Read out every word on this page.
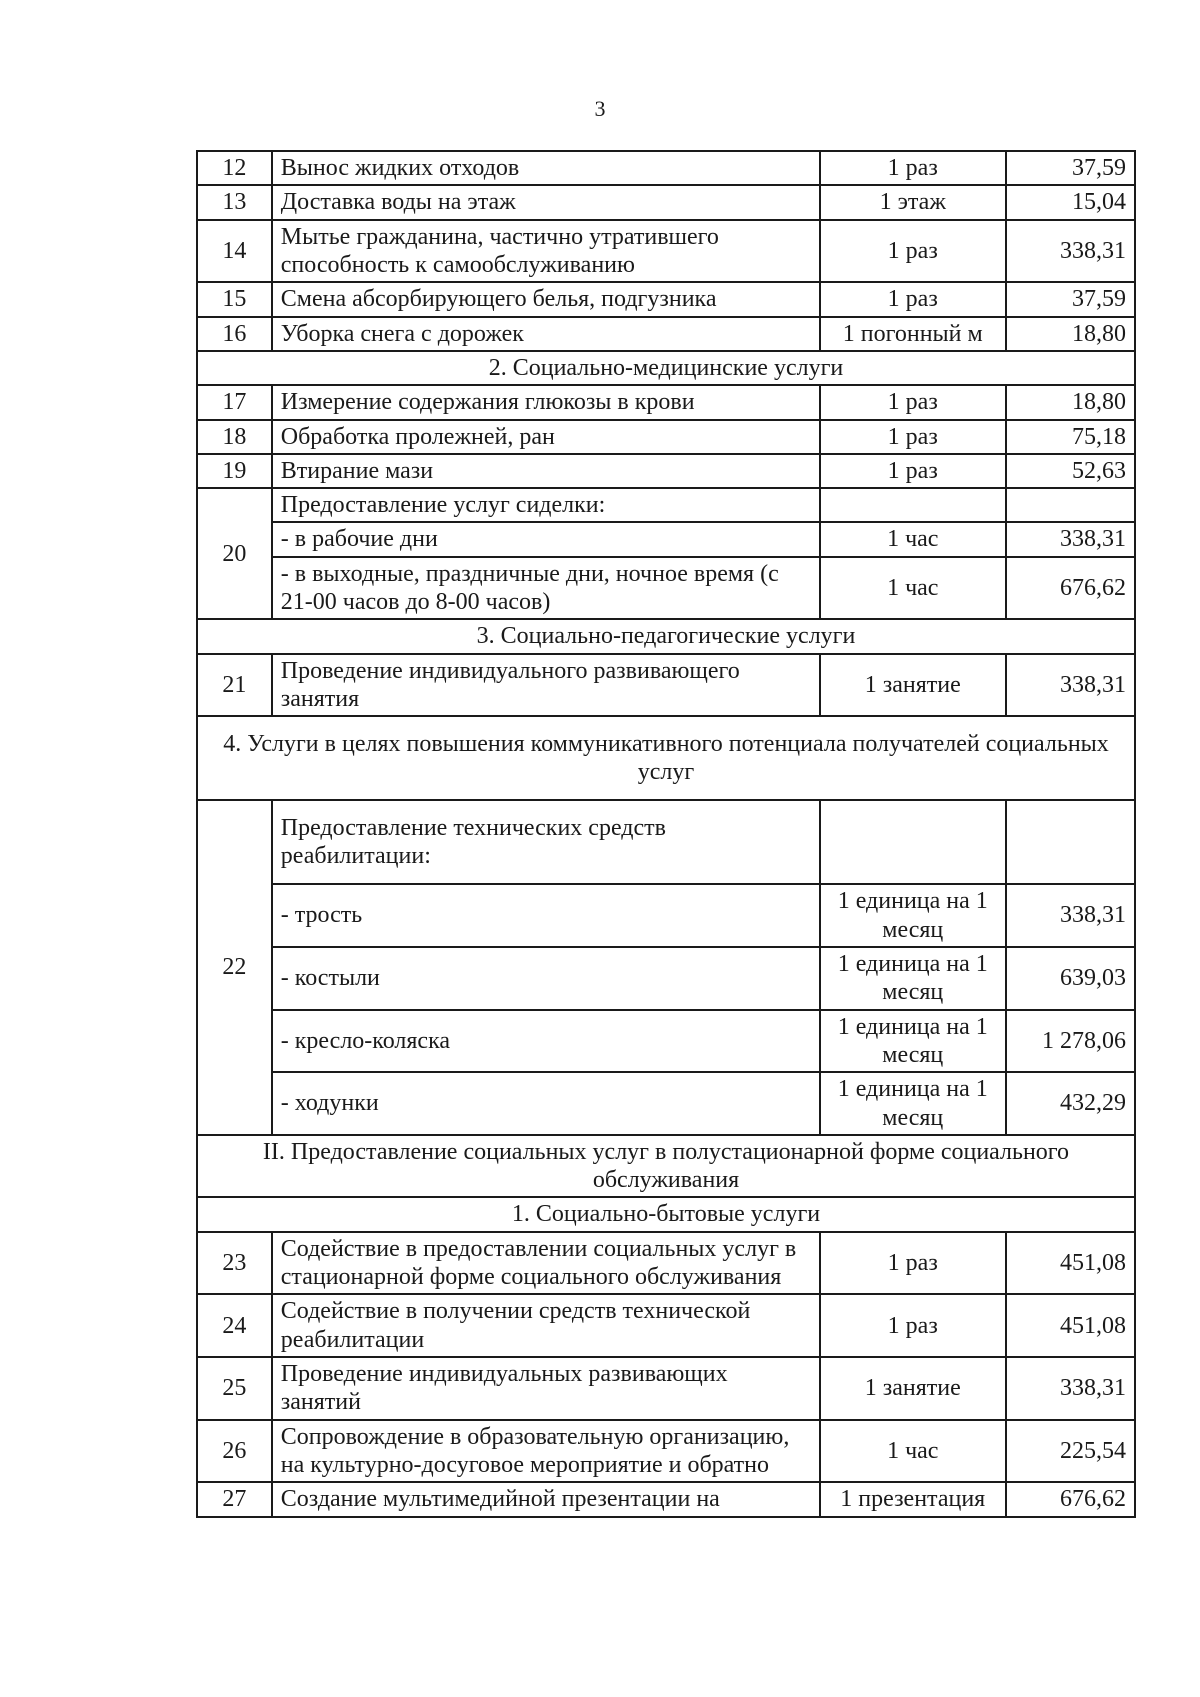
3
12	Вынос жидких отходов	1 раз	37,59
13	Доставка воды на этаж	1 этаж	15,04
14	Мытье гражданина, частично утратившего способность к самообслуживанию	1 раз	338,31
15	Смена абсорбирующего белья, подгузника	1 раз	37,59
16	Уборка снега с дорожек	1 погонный м	18,80
2. Социально-медицинские услуги			
17	Измерение содержания глюкозы в крови	1 раз	18,80
18	Обработка пролежней, ран	1 раз	75,18
19	Втирание мази	1 раз	52,63
20	Предоставление услуг сиделки:		
	- в рабочие дни	1 час	338,31
	- в выходные, праздничные дни, ночное время (с 21-00 часов до 8-00 часов)	1 час	676,62
3. Социально-педагогические услуги			
21	Проведение индивидуального развивающего занятия	1 занятие	338,31
4. Услуги в целях повышения коммуникативного потенциала получателей социальных услуг			
22	Предоставление технических средств реабилитации:		
	- трость	1 единица на 1 месяц	338,31
	- костыли	1 единица на 1 месяц	639,03
	- кресло-коляска	1 единица на 1 месяц	1 278,06
	- ходунки	1 единица на 1 месяц	432,29
II. Предоставление социальных услуг в полустационарной форме социального обслуживания			
1. Социально-бытовые услуги			
23	Содействие в предоставлении социальных услуг в стационарной форме социального обслуживания	1 раз	451,08
24	Содействие в получении средств технической реабилитации	1 раз	451,08
25	Проведение индивидуальных развивающих занятий	1 занятие	338,31
26	Сопровождение в образовательную организацию, на культурно-досуговое мероприятие и обратно	1 час	225,54
27	Создание мультимедийной презентации на	1 презентация	676,62
